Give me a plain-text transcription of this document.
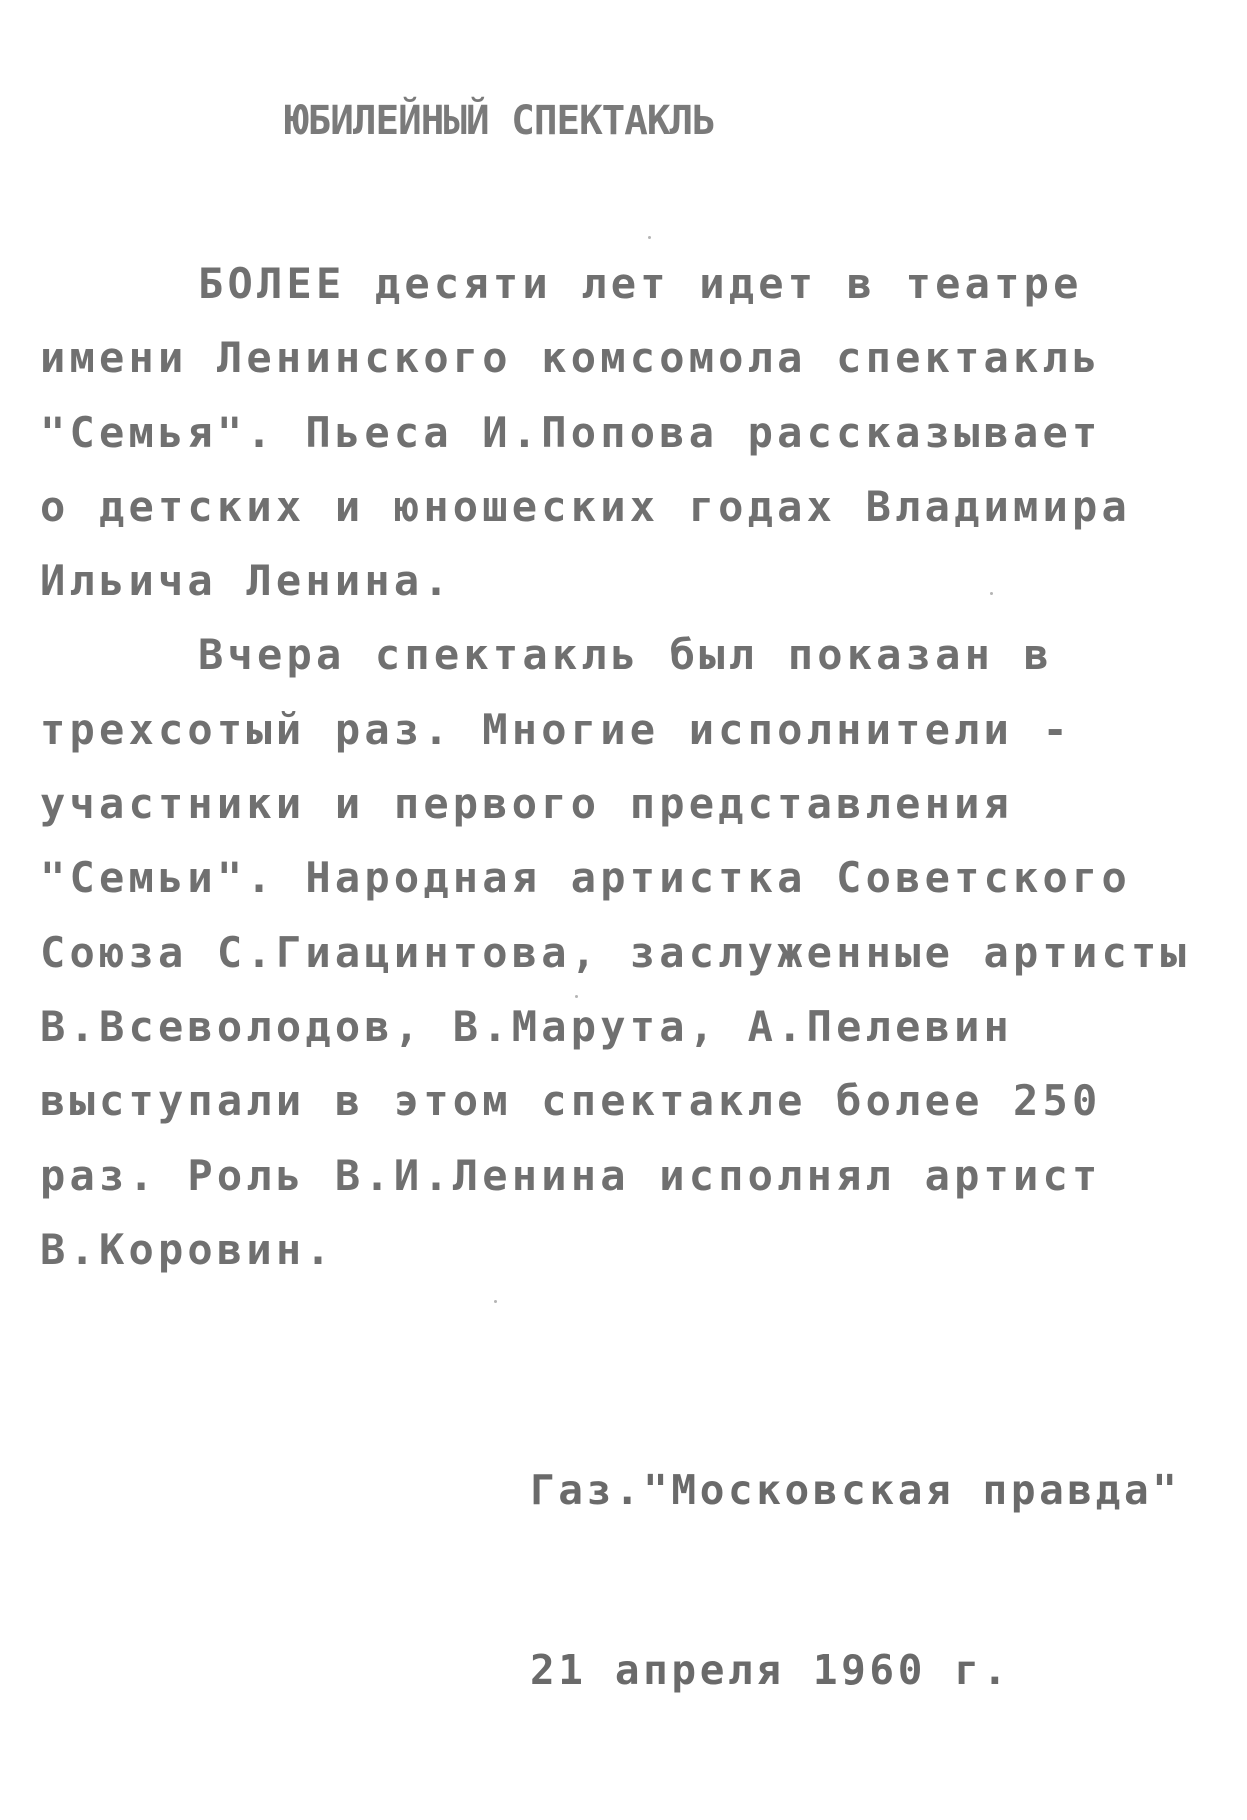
ЮБИЛЕЙНЫЙ СПЕКТАКЛЬ
БОЛЕЕ десяти лет идет в театре
имени Ленинского комсомола спектакль
"Семья". Пьеса И.Попова рассказывает
о детских и юношеских годах Владимира
Ильича Ленина.
Вчера спектакль был показан в
трехсотый раз. Многие исполнители -
участники и первого представления
"Семьи". Народная артистка Советского
Союза С.Гиацинтова, заслуженные артисты
В.Всеволодов, В.Марута, А.Пелевин
выступали в этом спектакле более 250
раз. Роль В.И.Ленина исполнял артист
В.Коровин.

Газ."Московская правда"

21 апреля 1960 г.
